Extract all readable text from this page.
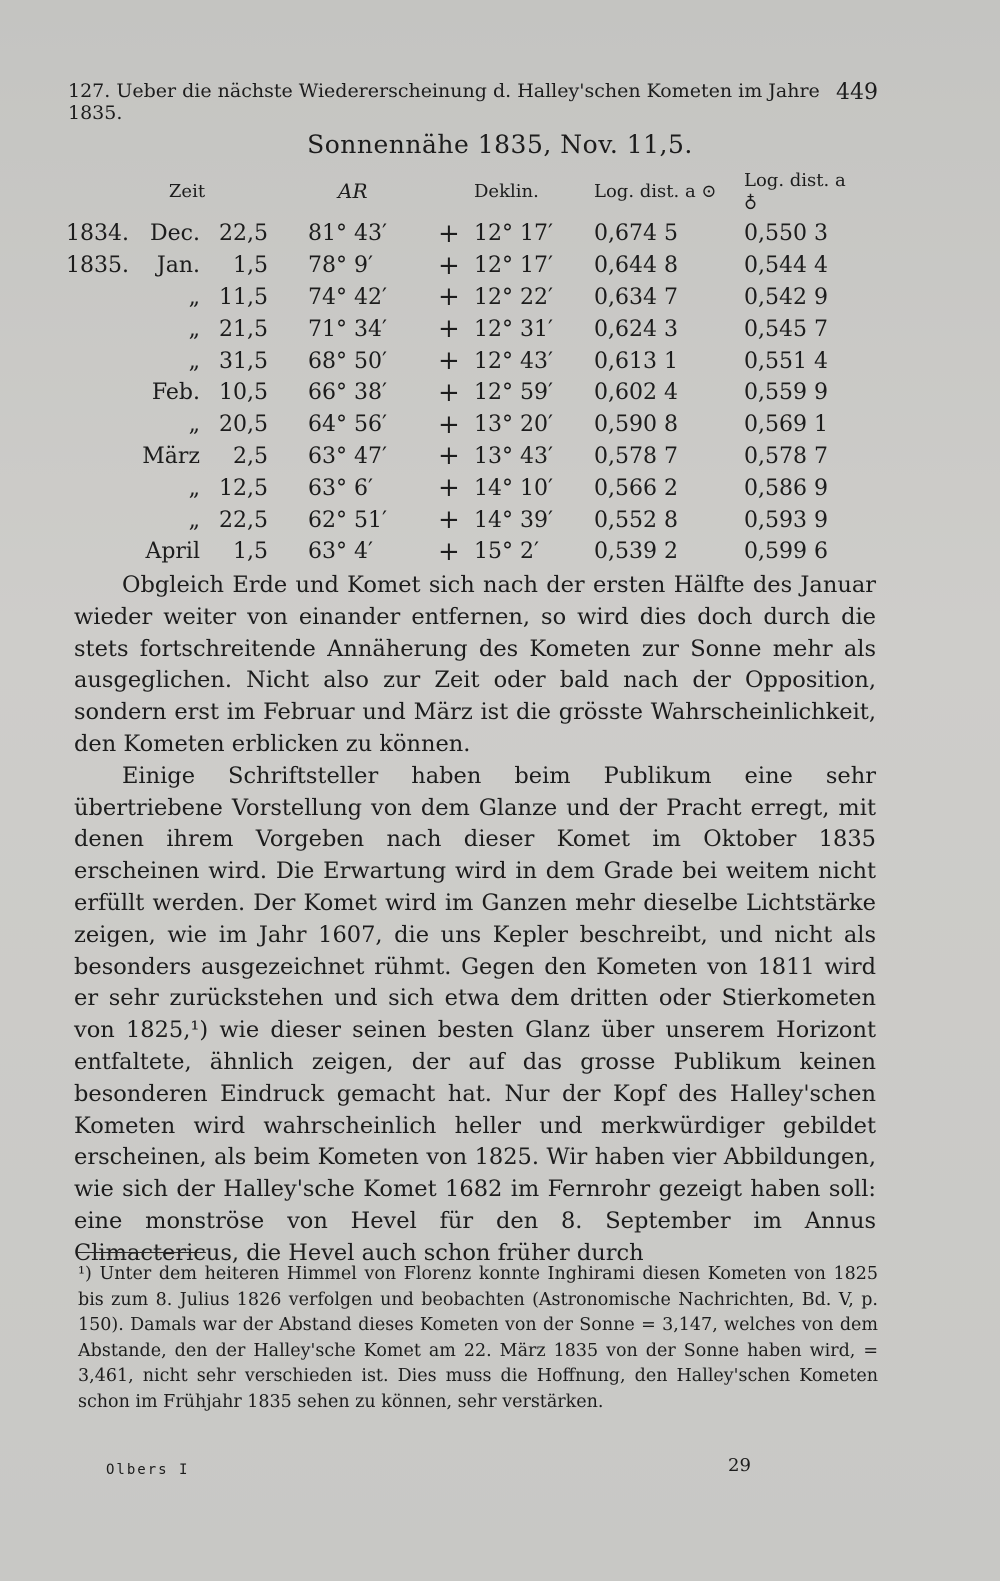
127. Ueber die nächste Wiedererscheinung d. Halley'schen Kometen im Jahre 1835.
449
Sonnennähe 1835, Nov. 11,5.
Zeit			AR	Deklin.		Log. dist. a ⊙	Log. dist. a ♁
1834.	Dec.	22,5	81° 43′	+	12° 17′	0,674 5	0,550 3
1835.	Jan.	1,5	78° 9′	+	12° 17′	0,644 8	0,544 4
	„	11,5	74° 42′	+	12° 22′	0,634 7	0,542 9
	„	21,5	71° 34′	+	12° 31′	0,624 3	0,545 7
	„	31,5	68° 50′	+	12° 43′	0,613 1	0,551 4
	Feb.	10,5	66° 38′	+	12° 59′	0,602 4	0,559 9
	„	20,5	64° 56′	+	13° 20′	0,590 8	0,569 1
	März	2,5	63° 47′	+	13° 43′	0,578 7	0,578 7
	„	12,5	63° 6′	+	14° 10′	0,566 2	0,586 9
	„	22,5	62° 51′	+	14° 39′	0,552 8	0,593 9
	April	1,5	63° 4′	+	15° 2′	0,539 2	0,599 6

Obgleich Erde und Komet sich nach der ersten Hälfte des Januar wieder weiter von einander entfernen, so wird dies doch durch die stets fortschreitende Annäherung des Kometen zur Sonne mehr als ausgeglichen. Nicht also zur Zeit oder bald nach der Opposition, sondern erst im Februar und März ist die grösste Wahrscheinlichkeit, den Kometen erblicken zu können.

Einige Schriftsteller haben beim Publikum eine sehr übertriebene Vorstellung von dem Glanze und der Pracht erregt, mit denen ihrem Vorgeben nach dieser Komet im Oktober 1835 erscheinen wird. Die Erwartung wird in dem Grade bei weitem nicht erfüllt werden. Der Komet wird im Ganzen mehr dieselbe Lichtstärke zeigen, wie im Jahr 1607, die uns Kepler beschreibt, und nicht als besonders ausgezeichnet rühmt. Gegen den Kometen von 1811 wird er sehr zurückstehen und sich etwa dem dritten oder Stierkometen von 1825,¹) wie dieser seinen besten Glanz über unserem Horizont entfaltete, ähnlich zeigen, der auf das grosse Publikum keinen besonderen Eindruck gemacht hat. Nur der Kopf des Halley'schen Kometen wird wahrscheinlich heller und merkwürdiger gebildet erscheinen, als beim Kometen von 1825. Wir haben vier Abbildungen, wie sich der Halley'sche Komet 1682 im Fernrohr gezeigt haben soll: eine monströse von Hevel für den 8. September im Annus Climactericus, die Hevel auch schon früher durch

¹) Unter dem heiteren Himmel von Florenz konnte Inghirami diesen Kometen von 1825 bis zum 8. Julius 1826 verfolgen und beobachten (Astronomische Nachrichten, Bd. V, p. 150). Damals war der Abstand dieses Kometen von der Sonne = 3,147, welches von dem Abstande, den der Halley'sche Komet am 22. März 1835 von der Sonne haben wird, = 3,461, nicht sehr verschieden ist. Dies muss die Hoffnung, den Halley'schen Kometen schon im Frühjahr 1835 sehen zu können, sehr verstärken.
Olbers I	29
